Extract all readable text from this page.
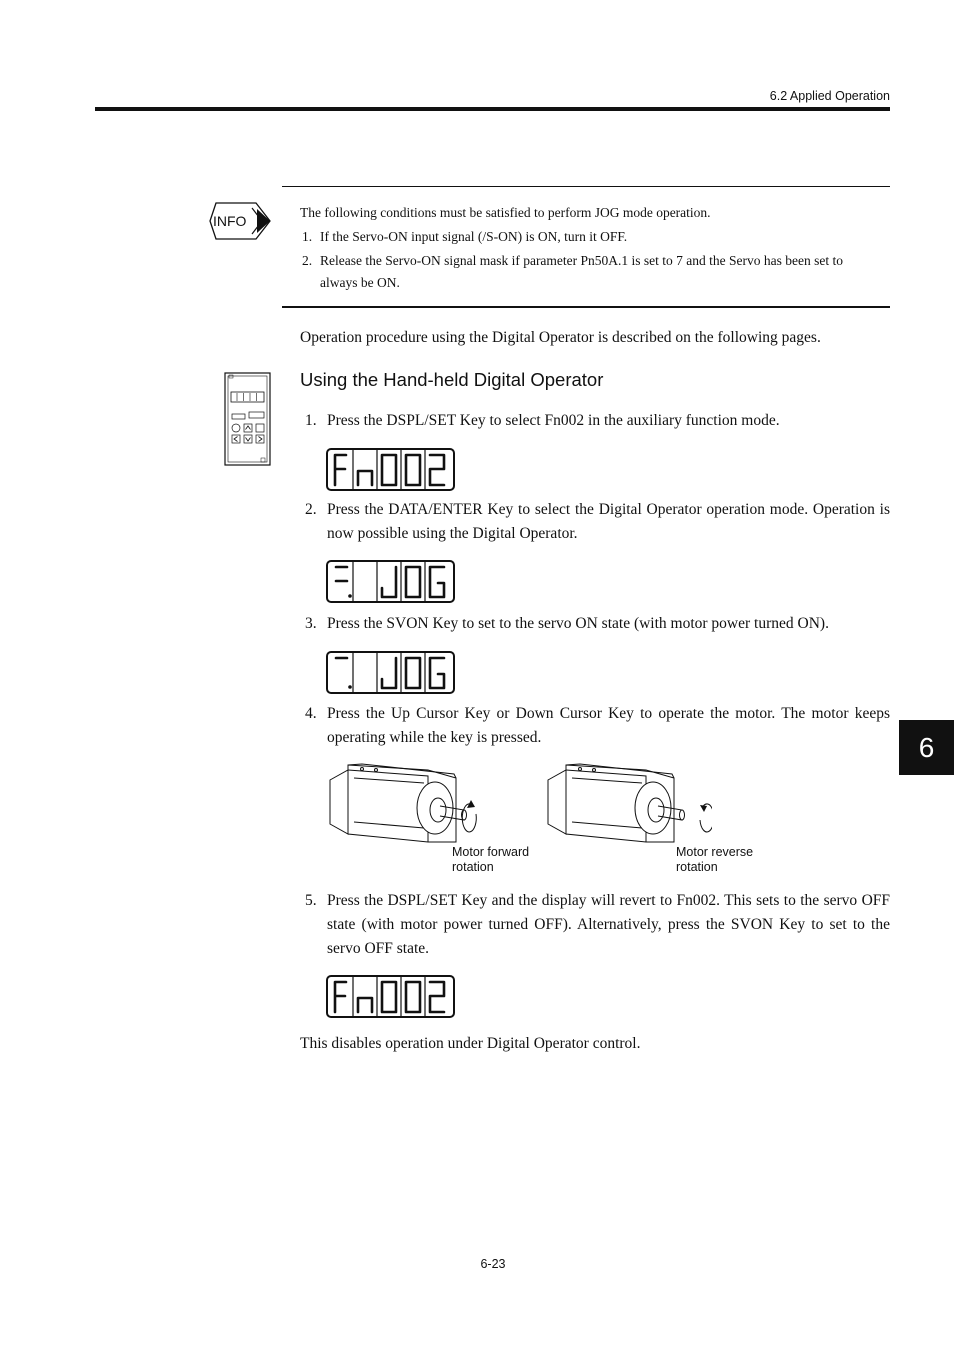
6.2 Applied Operation
INFO
The following conditions must be satisfied to perform JOG mode operation.
1. If the Servo-ON input signal (/S-ON) is ON, turn it OFF.
2. Release the Servo-ON signal mask if parameter Pn50A.1 is set to 7 and the Servo has been set to always be ON.
Operation procedure using the Digital Operator is described on the following pages.
Using the Hand-held Digital Operator
1. Press the DSPL/SET Key to select Fn002 in the auxiliary function mode.
2. Press the DATA/ENTER Key to select the Digital Operator operation mode. Operation is now possible using the Digital Operator.
3. Press the SVON Key to set to the servo ON state (with motor power turned ON).
4. Press the Up Cursor Key or Down Cursor Key to operate the motor. The motor keeps operating while the key is pressed.
Motor forward
rotation
Motor reverse
rotation
5. Press the DSPL/SET Key and the display will revert to Fn002. This sets to the servo OFF state (with motor power turned OFF). Alternatively, press the SVON Key to set to the servo OFF state.
This disables operation under Digital Operator control.
6
6-23
